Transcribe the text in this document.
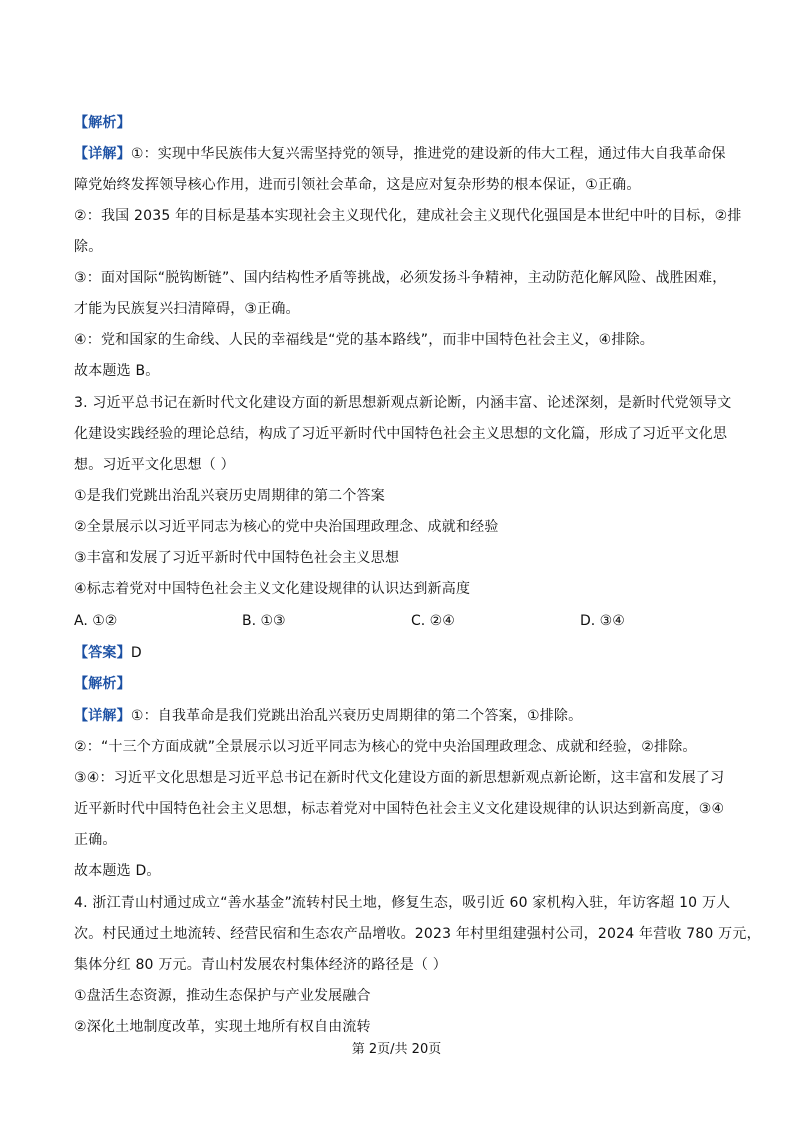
【解析】
【详解】①：实现中华民族伟大复兴需坚持党的领导，推进党的建设新的伟大工程，通过伟大自我革命保
障党始终发挥领导核心作用，进而引领社会革命，这是应对复杂形势的根本保证，①正确。
②：我国 2035 年的目标是基本实现社会主义现代化，建成社会主义现代化强国是本世纪中叶的目标，②排
除。
③：面对国际“脱钩断链”、国内结构性矛盾等挑战，必须发扬斗争精神，主动防范化解风险、战胜困难，
才能为民族复兴扫清障碍，③正确。
④：党和国家的生命线、人民的幸福线是“党的基本路线”，而非中国特色社会主义，④排除。
故本题选 B。
3. 习近平总书记在新时代文化建设方面的新思想新观点新论断，内涵丰富、论述深刻，是新时代党领导文
化建设实践经验的理论总结，构成了习近平新时代中国特色社会主义思想的文化篇，形成了习近平文化思
想。习近平文化思想（ ）
①是我们党跳出治乱兴衰历史周期律的第二个答案
②全景展示以习近平同志为核心的党中央治国理政理念、成就和经验
③丰富和发展了习近平新时代中国特色社会主义思想
④标志着党对中国特色社会主义文化建设规律的认识达到新高度
A. ①②	B. ①③	C. ②④	D. ③④
【答案】D
【解析】
【详解】①：自我革命是我们党跳出治乱兴衰历史周期律的第二个答案，①排除。
②：“十三个方面成就”全景展示以习近平同志为核心的党中央治国理政理念、成就和经验，②排除。
③④：习近平文化思想是习近平总书记在新时代文化建设方面的新思想新观点新论断，这丰富和发展了习
近平新时代中国特色社会主义思想，标志着党对中国特色社会主义文化建设规律的认识达到新高度，③④
正确。
故本题选 D。
4. 浙江青山村通过成立“善水基金”流转村民土地，修复生态，吸引近 60 家机构入驻，年访客超 10 万人
次。村民通过土地流转、经营民宿和生态农产品增收。2023 年村里组建强村公司，2024 年营收 780 万元，
集体分红 80 万元。青山村发展农村集体经济的路径是（ ）
①盘活生态资源，推动生态保护与产业发展融合
②深化土地制度改革，实现土地所有权自由流转
第 2页/共 20页
